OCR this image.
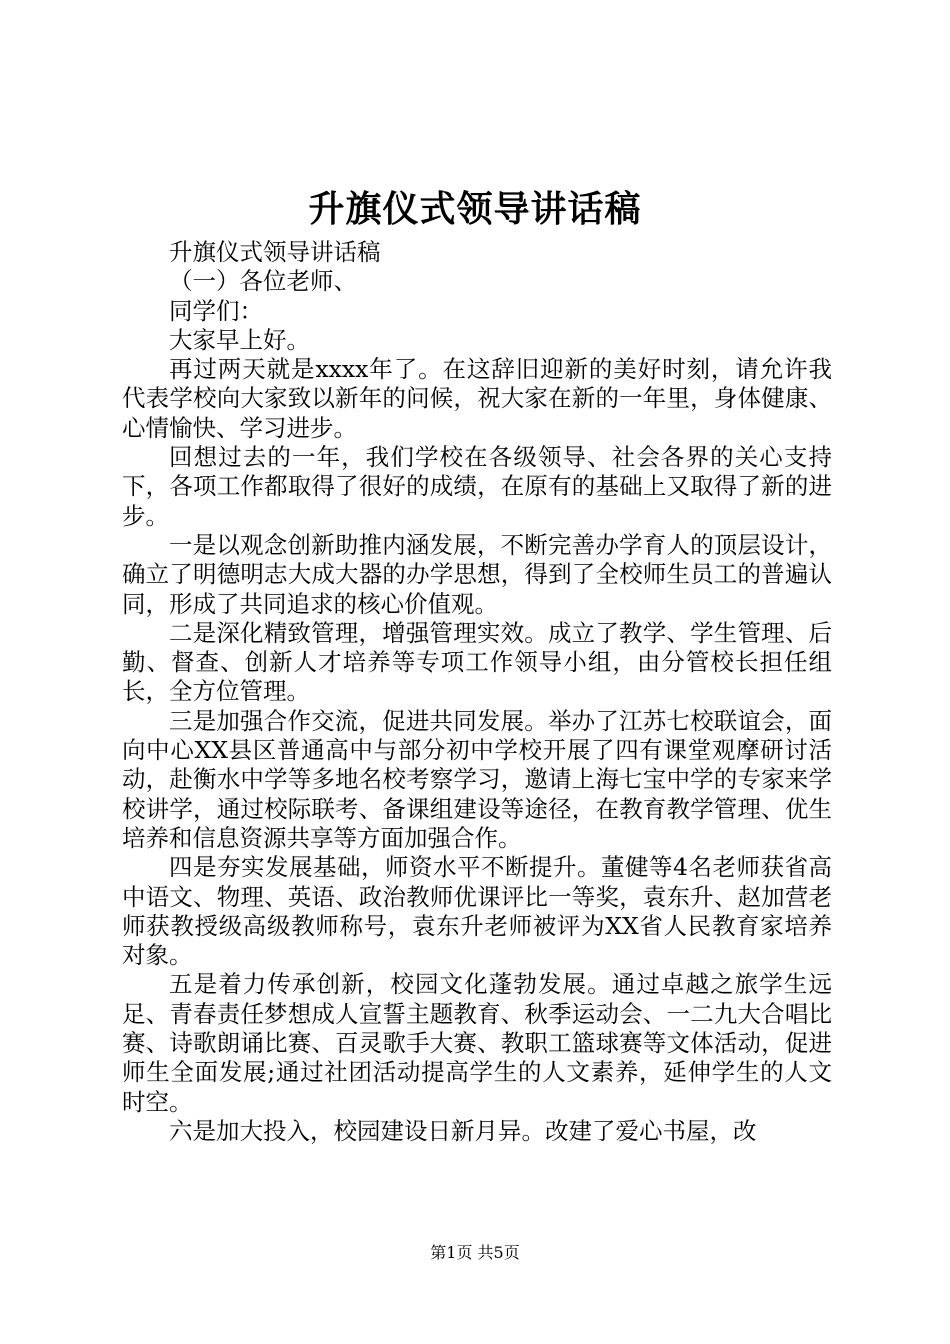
升旗仪式领导讲话稿

升旗仪式领导讲话稿

（一）各位老师、

同学们：

大家早上好。

再过两天就是xxxx年了。在这辞旧迎新的美好时刻，请允许我代表学校向大家致以新年的问候，祝大家在新的一年里，身体健康、心情愉快、学习进步。

回想过去的一年，我们学校在各级领导、社会各界的关心支持下，各项工作都取得了很好的成绩，在原有的基础上又取得了新的进步。

一是以观念创新助推内涵发展，不断完善办学育人的顶层设计，确立了明德明志大成大器的办学思想，得到了全校师生员工的普遍认同，形成了共同追求的核心价值观。

二是深化精致管理，增强管理实效。成立了教学、学生管理、后勤、督查、创新人才培养等专项工作领导小组，由分管校长担任组长，全方位管理。

三是加强合作交流，促进共同发展。举办了江苏七校联谊会，面向中心XX县区普通高中与部分初中学校开展了四有课堂观摩研讨活动，赴衡水中学等多地名校考察学习，邀请上海七宝中学的专家来学校讲学，通过校际联考、备课组建设等途径，在教育教学管理、优生培养和信息资源共享等方面加强合作。

四是夯实发展基础，师资水平不断提升。董健等4名老师获省高中语文、物理、英语、政治教师优课评比一等奖，袁东升、赵加营老师获教授级高级教师称号，袁东升老师被评为XX省人民教育家培养对象。

五是着力传承创新，校园文化蓬勃发展。通过卓越之旅学生远足、青春责任梦想成人宣誓主题教育、秋季运动会、一二九大合唱比赛、诗歌朗诵比赛、百灵歌手大赛、教职工篮球赛等文体活动，促进师生全面发展;通过社团活动提高学生的人文素养，延伸学生的人文时空。

六是加大投入，校园建设日新月异。改建了爱心书屋，改

第1页 共5页
